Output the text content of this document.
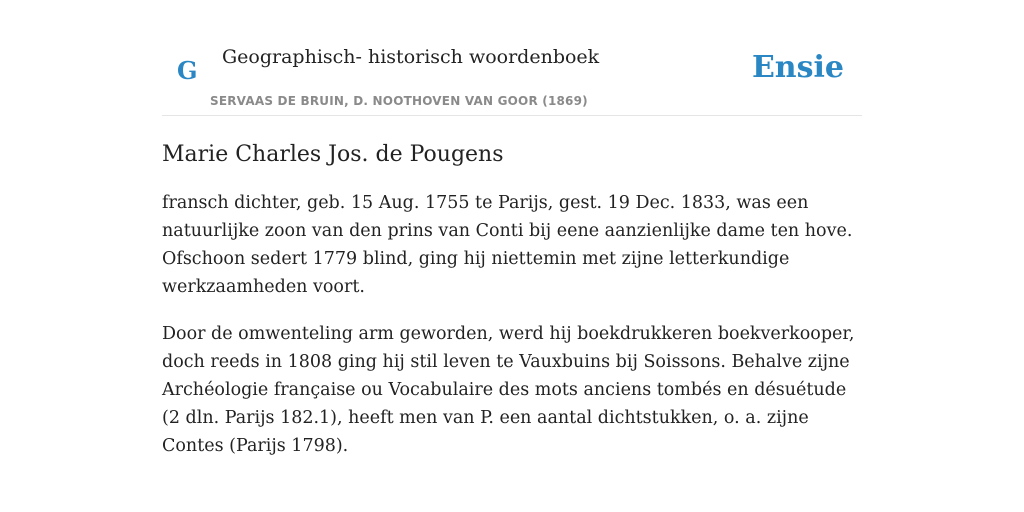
G Geographisch- historisch woordenboek
SERVAAS DE BRUIN, D. NOOTHOVEN VAN GOOR (1869)
Ensie
Marie Charles Jos. de Pougens

fransch dichter, geb. 15 Aug. 1755 te Parijs, gest. 19 Dec. 1833, was een natuurlijke zoon van den prins van Conti bij eene aanzienlijke dame ten hove. Ofschoon sedert 1779 blind, ging hij niettemin met zijne letterkundige werkzaamheden voort.

Door de omwenteling arm geworden, werd hij boekdrukkeren boekverkooper, doch reeds in 1808 ging hij stil leven te Vauxbuins bij Soissons. Behalve zijne Archéologie française ou Vocabulaire des mots anciens tombés en désuétude (2 dln. Parijs 182.1), heeft men van P. een aantal dichtstukken, o. a. zijne Contes (Parijs 1798).
